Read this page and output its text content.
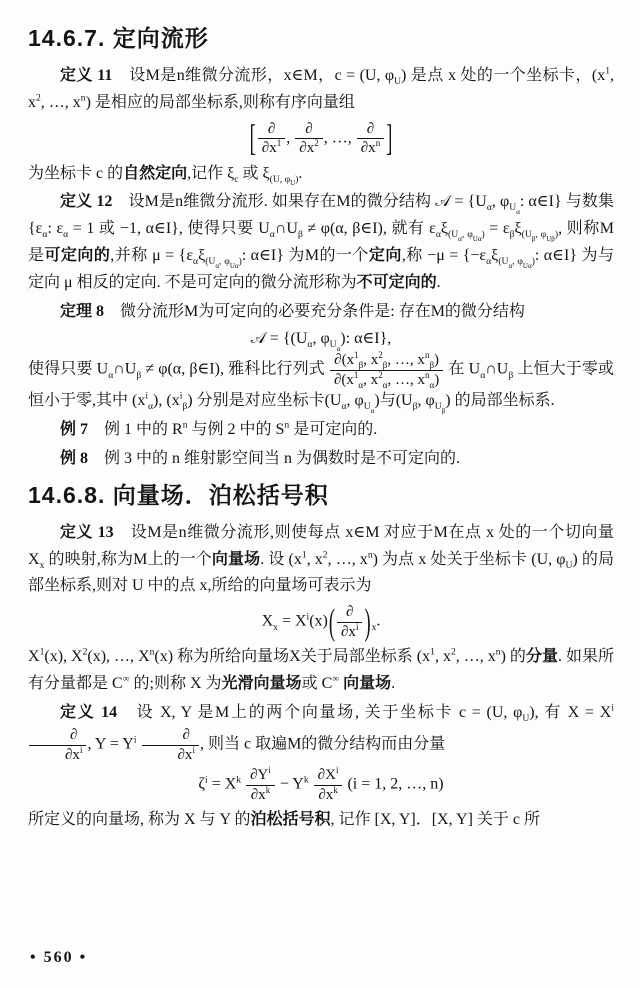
14.6.7. 定向流形

定义 11　设M是n维微分流形，x∈M，c = (U, $\varphi_U$) 是点 x 处的一个坐标卡，($x^1$, $x^2$, …, $x^n$) 是相应的局部坐标系,则称有序向量组

[ $\frac{\partial}{\partial x^1}$ , $\frac{\partial}{\partial x^2}$ , …, $\frac{\partial}{\partial x^n}$ ]

为坐标卡 c 的自然定向,记作 $\xi_c$ 或 $\xi_{(U, \varphi U)}$.

定义 12　设M是n维微分流形. 如果存在M的微分结构 𝒜 = {$U_\alpha$, $\varphi_{U\alpha}$: α∈I} 与数集 {$\varepsilon_\alpha$: $\varepsilon_\alpha = 1$ 或 −1, α∈I}, 使得只要 $U_\alpha\cap U_\beta \ne \varphi(\alpha$, β∈I), 就有 $\varepsilon_\alpha\xi_{(U\alpha, \varphi U\alpha)} = \varepsilon_\beta\xi_{(U\beta, \varphi U\beta)}$, 则称M是可定向的,并称 $\mu = \{\varepsilon_\alpha\xi_{(U\alpha, \varphi U\alpha)}$: α∈I} 为M的一个定向,称 $-\mu = \{-\varepsilon_\alpha\xi_{(U\alpha, \varphi U\alpha)}$: α∈I} 为与定向 μ 相反的定向. 不是可定向的微分流形称为不可定向的.

定理 8　微分流形M为可定向的必要充分条件是: 存在M的微分结构

𝒜 = {($U_\alpha$, $\varphi_{U\alpha}$): α∈I},

使得只要 $U_\alpha\cap U_\beta \ne \varphi(\alpha$, β∈I), 雅科比行列式 $\frac{\partial(x^1_\beta, x^2_\beta, \dots, x^n_\beta)}{\partial(x^1_\alpha, x^2_\alpha, \dots, x^n_\alpha)}$ 在 $U_\alpha\cap U_\beta$ 上恒大于零或恒小于零,其中 $(x^i_\alpha)$, $(x^i_\beta)$ 分别是对应坐标卡($U_\alpha$, $\varphi_{U\alpha}$)与($U_\beta$, $\varphi_{U\beta}$) 的局部坐标系.

例 7　例 1 中的 $R^n$ 与例 2 中的 $S^n$ 是可定向的.

例 8　例 3 中的 n 维射影空间当 n 为偶数时是不可定向的.

14.6.8. 向量场．泊松括号积

定义 13　设M是n维微分流形,则使每点 x∈M 对应于M在点 x 处的一个切向量 $X_x$ 的映射,称为M上的一个向量场. 设 ($x^1$, $x^2$, …, $x^n$) 为点 x 处关于坐标卡 (U, $\varphi_U$) 的局部坐标系,则对 U 中的点 x,所给的向量场可表示为

$X_x = X^i(x)( \frac{\partial}{\partial x^i} )_x$.

$X^1(x)$, $X^2(x)$, …, $X^n(x)$ 称为所给向量场X关于局部坐标系 ($x^1$, $x^2$, …, $x^n$) 的分量. 如果所有分量都是 C∞ 的;则称 X 为光滑向量场或 C∞ 向量场.

定义 14　设 X, Y 是M上的两个向量场, 关于坐标卡 c = (U, $\varphi_U$), 有 $X = X^i$
$\frac{\partial}{\partial x^i}$ , $Y = Y^i \frac{\partial}{\partial x^i}$ , 则当 c 取遍M的微分结构而由分量

$\zeta^i = X^k \frac{\partial Y^i}{\partial x^k} - Y^k \frac{\partial X^i}{\partial x^k} (i = 1$, 2, …, n)

所定义的向量场, 称为 X 与 Y 的泊松括号积, 记作 [X, Y]．[X, Y] 关于 c 所

• 560 •
